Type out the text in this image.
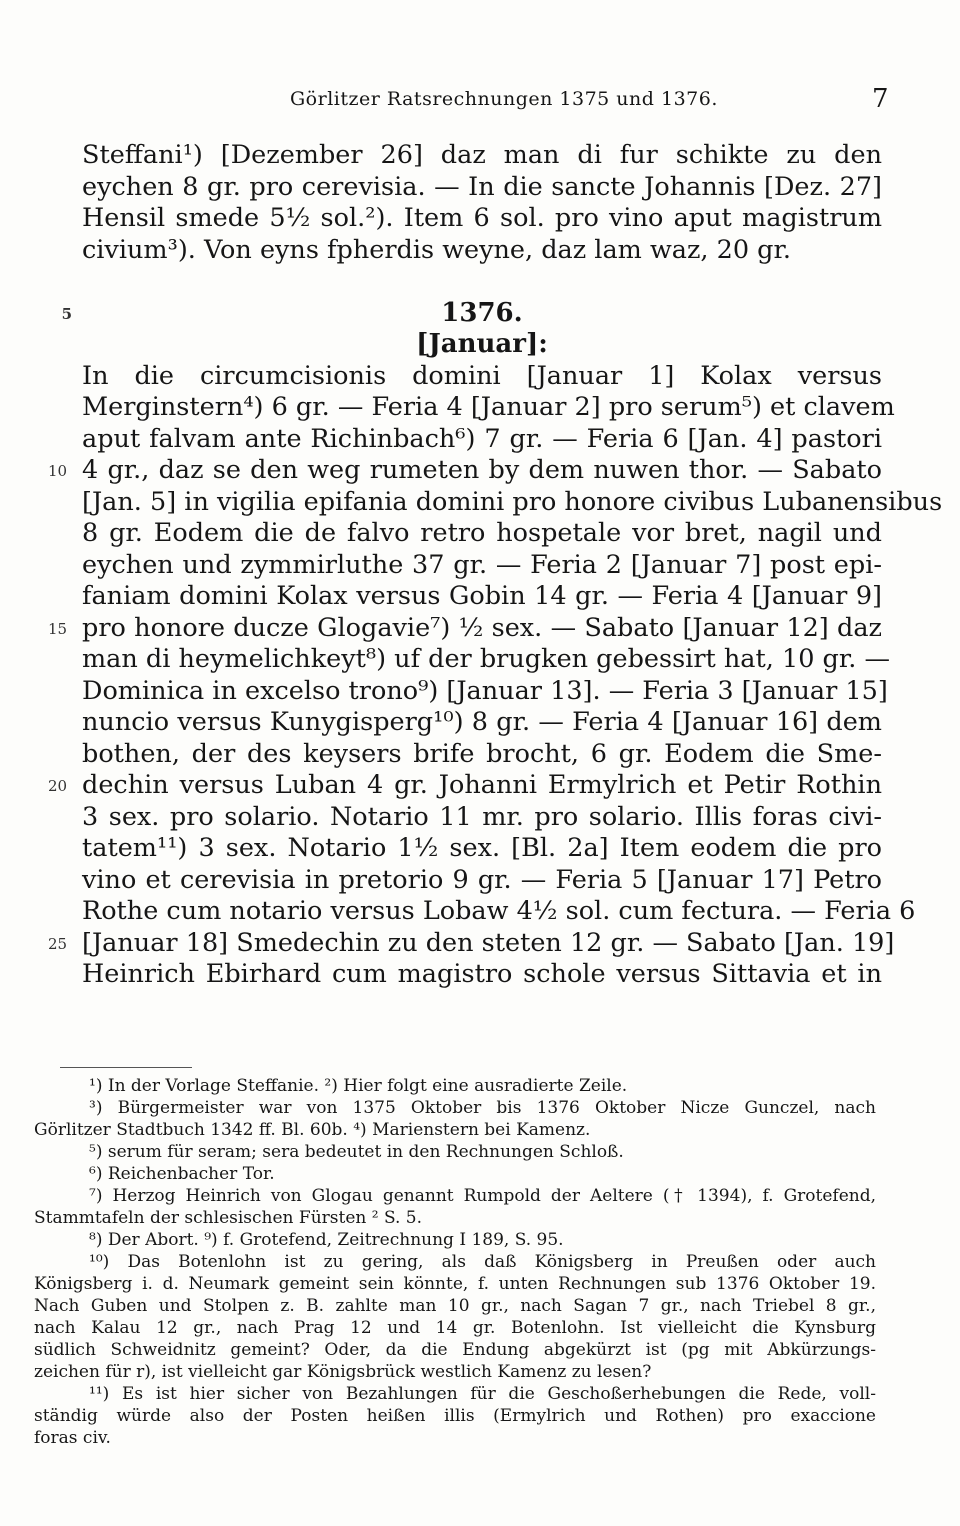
Görlitzer Ratsrechnungen 1375 und 1376.	7
Steffani¹) [Dezember 26] daz man di fur schikte zu den
eychen 8 gr. pro cerevisia. — In die sancte Johannis [Dez. 27]
Hensil smede 5½ sol.²). Item 6 sol. pro vino aput magistrum
civium³). Von eyns fpherdis weyne, daz lam waz, 20 gr.
1376.
5
[Januar]:
In die circumcisionis domini [Januar 1] Kolax versus
Merginstern⁴) 6 gr. — Feria 4 [Januar 2] pro serum⁵) et clavem
aput falvam ante Richinbach⁶) 7 gr. — Feria 6 [Jan. 4] pastori
4 gr., daz se den weg rumeten by dem nuwen thor. — Sabato
10
[Jan. 5] in vigilia epifania domini pro honore civibus Lubanensibus
8 gr. Eodem die de falvo retro hospetale vor bret, nagil und
eychen und zymmirluthe 37 gr. — Feria 2 [Januar 7] post epi-
faniam domini Kolax versus Gobin 14 gr. — Feria 4 [Januar 9]
pro honore ducze Glogavie⁷) ½ sex. — Sabato [Januar 12] daz
15
man di heymelichkeyt⁸) uf der brugken gebessirt hat, 10 gr. —
Dominica in excelso trono⁹) [Januar 13]. — Feria 3 [Januar 15]
nuncio versus Kunygisperg¹⁰) 8 gr. — Feria 4 [Januar 16] dem
bothen, der des keysers brife brocht, 6 gr. Eodem die Sme-
dechin versus Luban 4 gr. Johanni Ermylrich et Petir Rothin
20
3 sex. pro solario. Notario 11 mr. pro solario. Illis foras civi-
tatem¹¹) 3 sex. Notario 1½ sex. [Bl. 2a] Item eodem die pro
vino et cerevisia in pretorio 9 gr. — Feria 5 [Januar 17] Petro
Rothe cum notario versus Lobaw 4½ sol. cum fectura. — Feria 6
[Januar 18] Smedechin zu den steten 12 gr. — Sabato [Jan. 19]
25
Heinrich Ebirhard cum magistro schole versus Sittavia et in
¹) In der Vorlage Steffanie. ²) Hier folgt eine ausradierte Zeile.
³) Bürgermeister war von 1375 Oktober bis 1376 Oktober Nicze Gunczel, nach
Görlitzer Stadtbuch 1342 ff. Bl. 60b. ⁴) Marienstern bei Kamenz.
⁵) serum für seram; sera bedeutet in den Rechnungen Schloß.
⁶) Reichenbacher Tor.
⁷) Herzog Heinrich von Glogau genannt Rumpold der Aeltere († 1394), f. Grotefend,
Stammtafeln der schlesischen Fürsten ² S. 5.
⁸) Der Abort. ⁹) f. Grotefend, Zeitrechnung I 189, S. 95.
¹⁰) Das Botenlohn ist zu gering, als daß Königsberg in Preußen oder auch
Königsberg i. d. Neumark gemeint sein könnte, f. unten Rechnungen sub 1376 Oktober 19.
Nach Guben und Stolpen z. B. zahlte man 10 gr., nach Sagan 7 gr., nach Triebel 8 gr.,
nach Kalau 12 gr., nach Prag 12 und 14 gr. Botenlohn. Ist vielleicht die Kynsburg
südlich Schweidnitz gemeint? Oder, da die Endung abgekürzt ist (pg mit Abkürzungs-
zeichen für r), ist vielleicht gar Königsbrück westlich Kamenz zu lesen?
¹¹) Es ist hier sicher von Bezahlungen für die Geschoßerhebungen die Rede, voll-
ständig würde also der Posten heißen illis (Ermylrich und Rothen) pro exaccione
foras civ.
